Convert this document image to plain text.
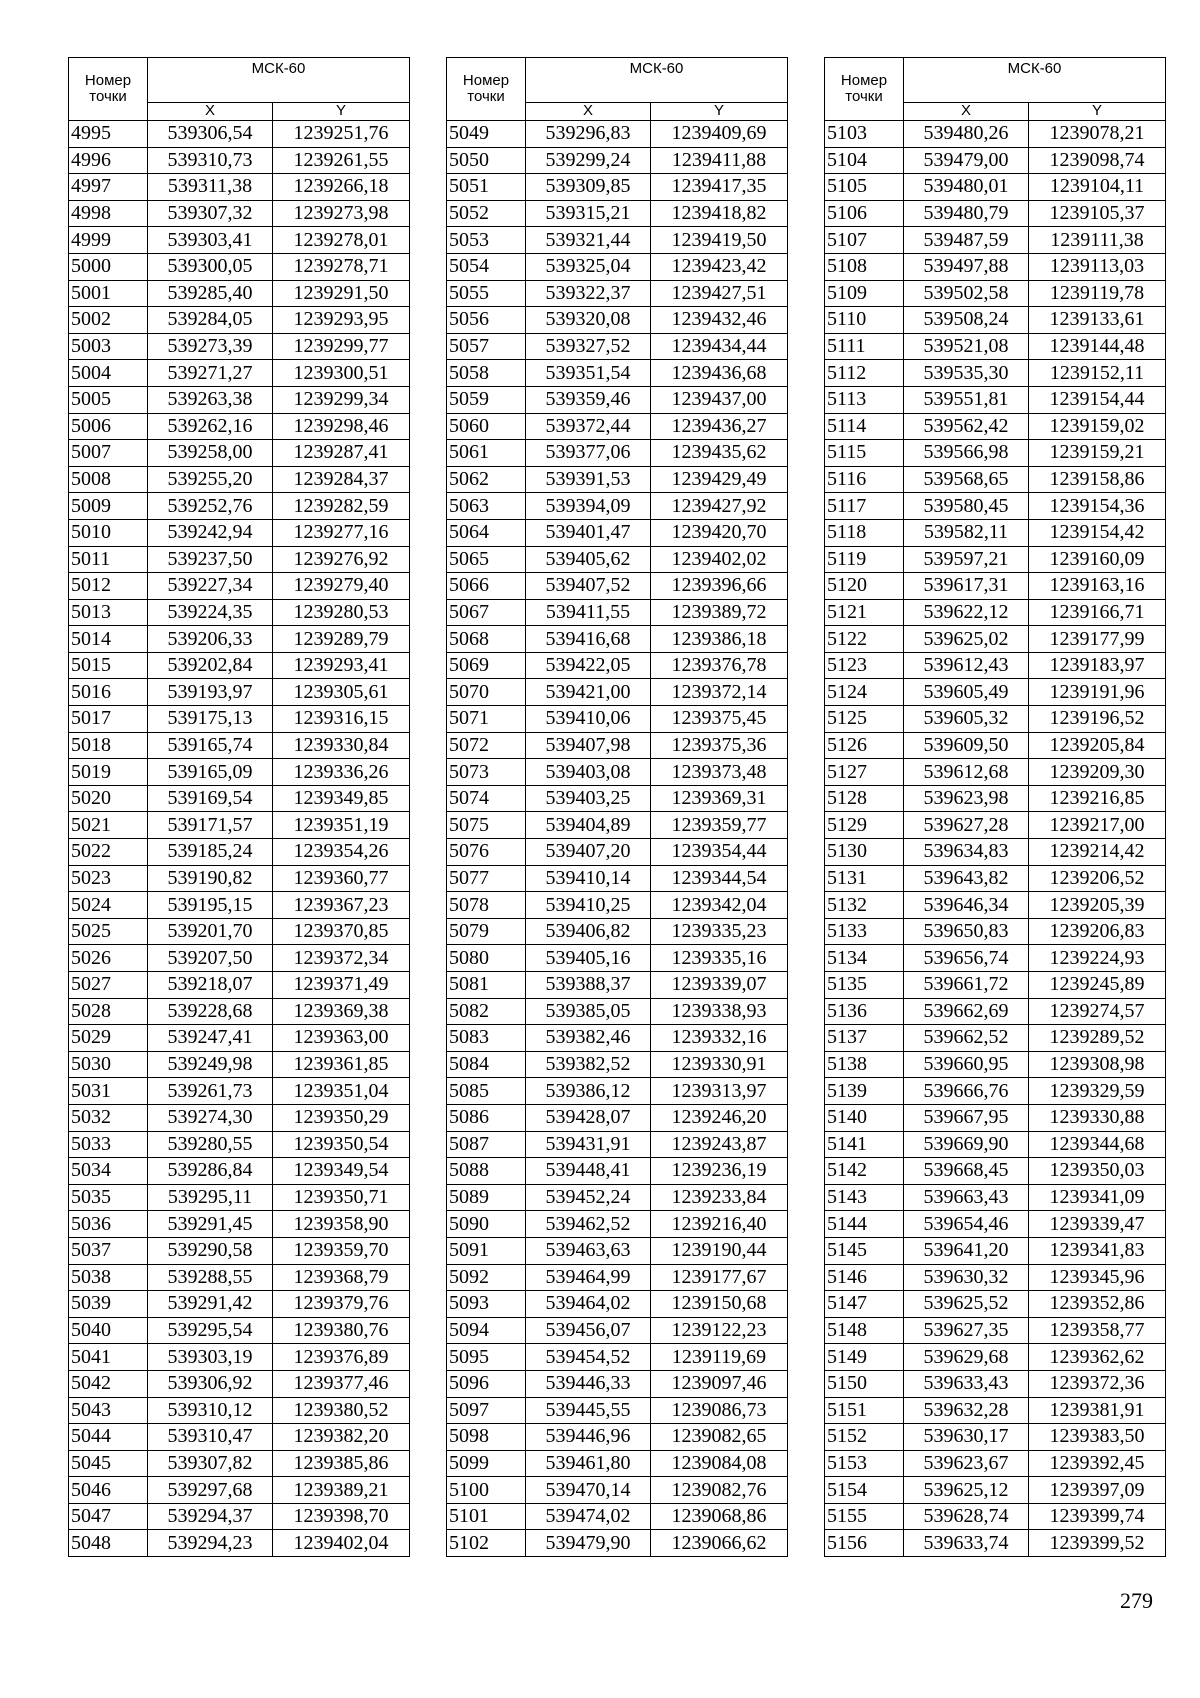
Номер точки	МСК-60	
	X	Y
4995	539306,54	1239251,76
4996	539310,73	1239261,55
4997	539311,38	1239266,18
4998	539307,32	1239273,98
4999	539303,41	1239278,01
5000	539300,05	1239278,71
5001	539285,40	1239291,50
5002	539284,05	1239293,95
5003	539273,39	1239299,77
5004	539271,27	1239300,51
5005	539263,38	1239299,34
5006	539262,16	1239298,46
5007	539258,00	1239287,41
5008	539255,20	1239284,37
5009	539252,76	1239282,59
5010	539242,94	1239277,16
5011	539237,50	1239276,92
5012	539227,34	1239279,40
5013	539224,35	1239280,53
5014	539206,33	1239289,79
5015	539202,84	1239293,41
5016	539193,97	1239305,61
5017	539175,13	1239316,15
5018	539165,74	1239330,84
5019	539165,09	1239336,26
5020	539169,54	1239349,85
5021	539171,57	1239351,19
5022	539185,24	1239354,26
5023	539190,82	1239360,77
5024	539195,15	1239367,23
5025	539201,70	1239370,85
5026	539207,50	1239372,34
5027	539218,07	1239371,49
5028	539228,68	1239369,38
5029	539247,41	1239363,00
5030	539249,98	1239361,85
5031	539261,73	1239351,04
5032	539274,30	1239350,29
5033	539280,55	1239350,54
5034	539286,84	1239349,54
5035	539295,11	1239350,71
5036	539291,45	1239358,90
5037	539290,58	1239359,70
5038	539288,55	1239368,79
5039	539291,42	1239379,76
5040	539295,54	1239380,76
5041	539303,19	1239376,89
5042	539306,92	1239377,46
5043	539310,12	1239380,52
5044	539310,47	1239382,20
5045	539307,82	1239385,86
5046	539297,68	1239389,21
5047	539294,37	1239398,70
5048	539294,23	1239402,04
Номер точки	МСК-60	
	X	Y
5049	539296,83	1239409,69
5050	539299,24	1239411,88
5051	539309,85	1239417,35
5052	539315,21	1239418,82
5053	539321,44	1239419,50
5054	539325,04	1239423,42
5055	539322,37	1239427,51
5056	539320,08	1239432,46
5057	539327,52	1239434,44
5058	539351,54	1239436,68
5059	539359,46	1239437,00
5060	539372,44	1239436,27
5061	539377,06	1239435,62
5062	539391,53	1239429,49
5063	539394,09	1239427,92
5064	539401,47	1239420,70
5065	539405,62	1239402,02
5066	539407,52	1239396,66
5067	539411,55	1239389,72
5068	539416,68	1239386,18
5069	539422,05	1239376,78
5070	539421,00	1239372,14
5071	539410,06	1239375,45
5072	539407,98	1239375,36
5073	539403,08	1239373,48
5074	539403,25	1239369,31
5075	539404,89	1239359,77
5076	539407,20	1239354,44
5077	539410,14	1239344,54
5078	539410,25	1239342,04
5079	539406,82	1239335,23
5080	539405,16	1239335,16
5081	539388,37	1239339,07
5082	539385,05	1239338,93
5083	539382,46	1239332,16
5084	539382,52	1239330,91
5085	539386,12	1239313,97
5086	539428,07	1239246,20
5087	539431,91	1239243,87
5088	539448,41	1239236,19
5089	539452,24	1239233,84
5090	539462,52	1239216,40
5091	539463,63	1239190,44
5092	539464,99	1239177,67
5093	539464,02	1239150,68
5094	539456,07	1239122,23
5095	539454,52	1239119,69
5096	539446,33	1239097,46
5097	539445,55	1239086,73
5098	539446,96	1239082,65
5099	539461,80	1239084,08
5100	539470,14	1239082,76
5101	539474,02	1239068,86
5102	539479,90	1239066,62
Номер точки	МСК-60	
	X	Y
5103	539480,26	1239078,21
5104	539479,00	1239098,74
5105	539480,01	1239104,11
5106	539480,79	1239105,37
5107	539487,59	1239111,38
5108	539497,88	1239113,03
5109	539502,58	1239119,78
5110	539508,24	1239133,61
5111	539521,08	1239144,48
5112	539535,30	1239152,11
5113	539551,81	1239154,44
5114	539562,42	1239159,02
5115	539566,98	1239159,21
5116	539568,65	1239158,86
5117	539580,45	1239154,36
5118	539582,11	1239154,42
5119	539597,21	1239160,09
5120	539617,31	1239163,16
5121	539622,12	1239166,71
5122	539625,02	1239177,99
5123	539612,43	1239183,97
5124	539605,49	1239191,96
5125	539605,32	1239196,52
5126	539609,50	1239205,84
5127	539612,68	1239209,30
5128	539623,98	1239216,85
5129	539627,28	1239217,00
5130	539634,83	1239214,42
5131	539643,82	1239206,52
5132	539646,34	1239205,39
5133	539650,83	1239206,83
5134	539656,74	1239224,93
5135	539661,72	1239245,89
5136	539662,69	1239274,57
5137	539662,52	1239289,52
5138	539660,95	1239308,98
5139	539666,76	1239329,59
5140	539667,95	1239330,88
5141	539669,90	1239344,68
5142	539668,45	1239350,03
5143	539663,43	1239341,09
5144	539654,46	1239339,47
5145	539641,20	1239341,83
5146	539630,32	1239345,96
5147	539625,52	1239352,86
5148	539627,35	1239358,77
5149	539629,68	1239362,62
5150	539633,43	1239372,36
5151	539632,28	1239381,91
5152	539630,17	1239383,50
5153	539623,67	1239392,45
5154	539625,12	1239397,09
5155	539628,74	1239399,74
5156	539633,74	1239399,52
279
